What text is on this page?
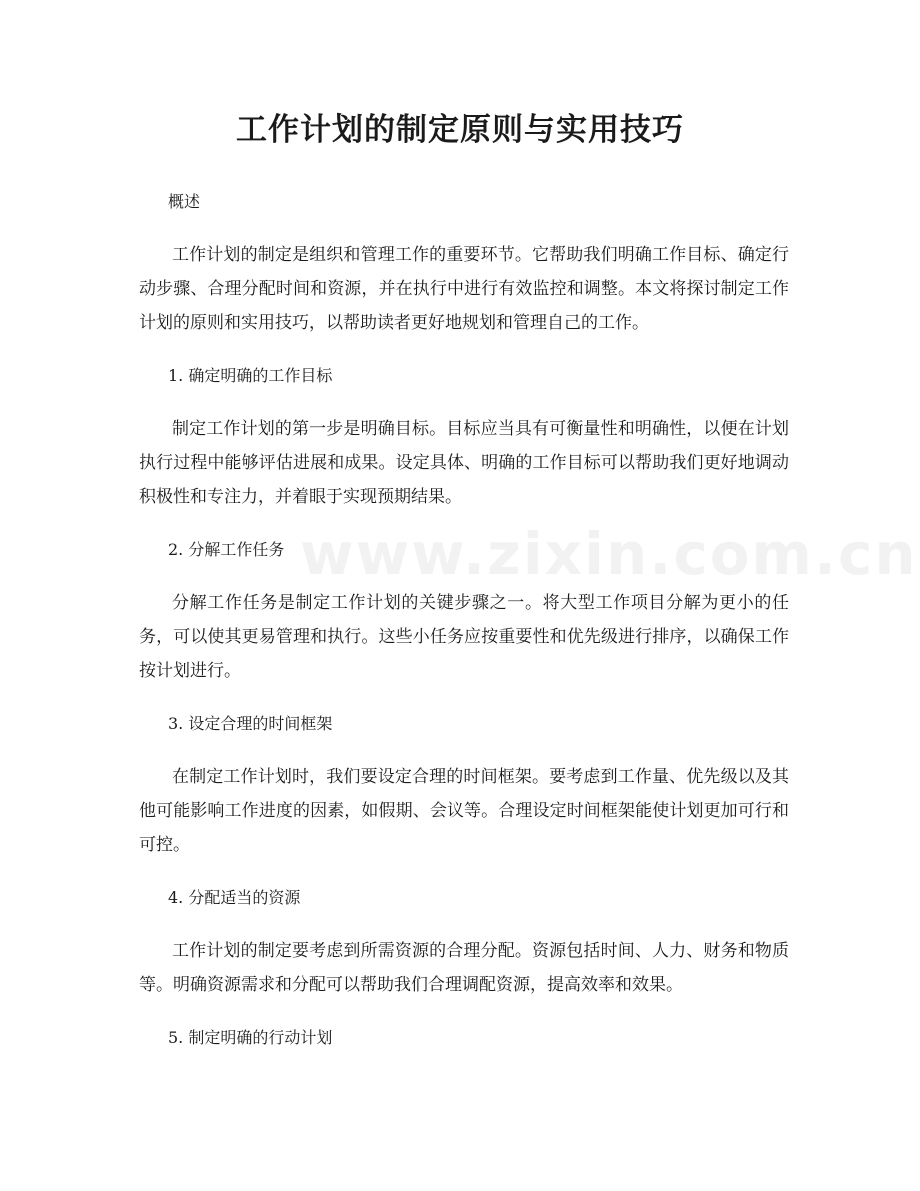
www.zixin.com.cn
工作计划的制定原则与实用技巧

概述

工作计划的制定是组织和管理工作的重要环节。它帮助我们明确工作目标、确定行动步骤、合理分配时间和资源，并在执行中进行有效监控和调整。本文将探讨制定工作计划的原则和实用技巧，以帮助读者更好地规划和管理自己的工作。

1. 确定明确的工作目标

制定工作计划的第一步是明确目标。目标应当具有可衡量性和明确性，以便在计划执行过程中能够评估进展和成果。设定具体、明确的工作目标可以帮助我们更好地调动积极性和专注力，并着眼于实现预期结果。

2. 分解工作任务

分解工作任务是制定工作计划的关键步骤之一。将大型工作项目分解为更小的任务，可以使其更易管理和执行。这些小任务应按重要性和优先级进行排序，以确保工作按计划进行。

3. 设定合理的时间框架

在制定工作计划时，我们要设定合理的时间框架。要考虑到工作量、优先级以及其他可能影响工作进度的因素，如假期、会议等。合理设定时间框架能使计划更加可行和可控。

4. 分配适当的资源

工作计划的制定要考虑到所需资源的合理分配。资源包括时间、人力、财务和物质等。明确资源需求和分配可以帮助我们合理调配资源，提高效率和效果。

5. 制定明确的行动计划
